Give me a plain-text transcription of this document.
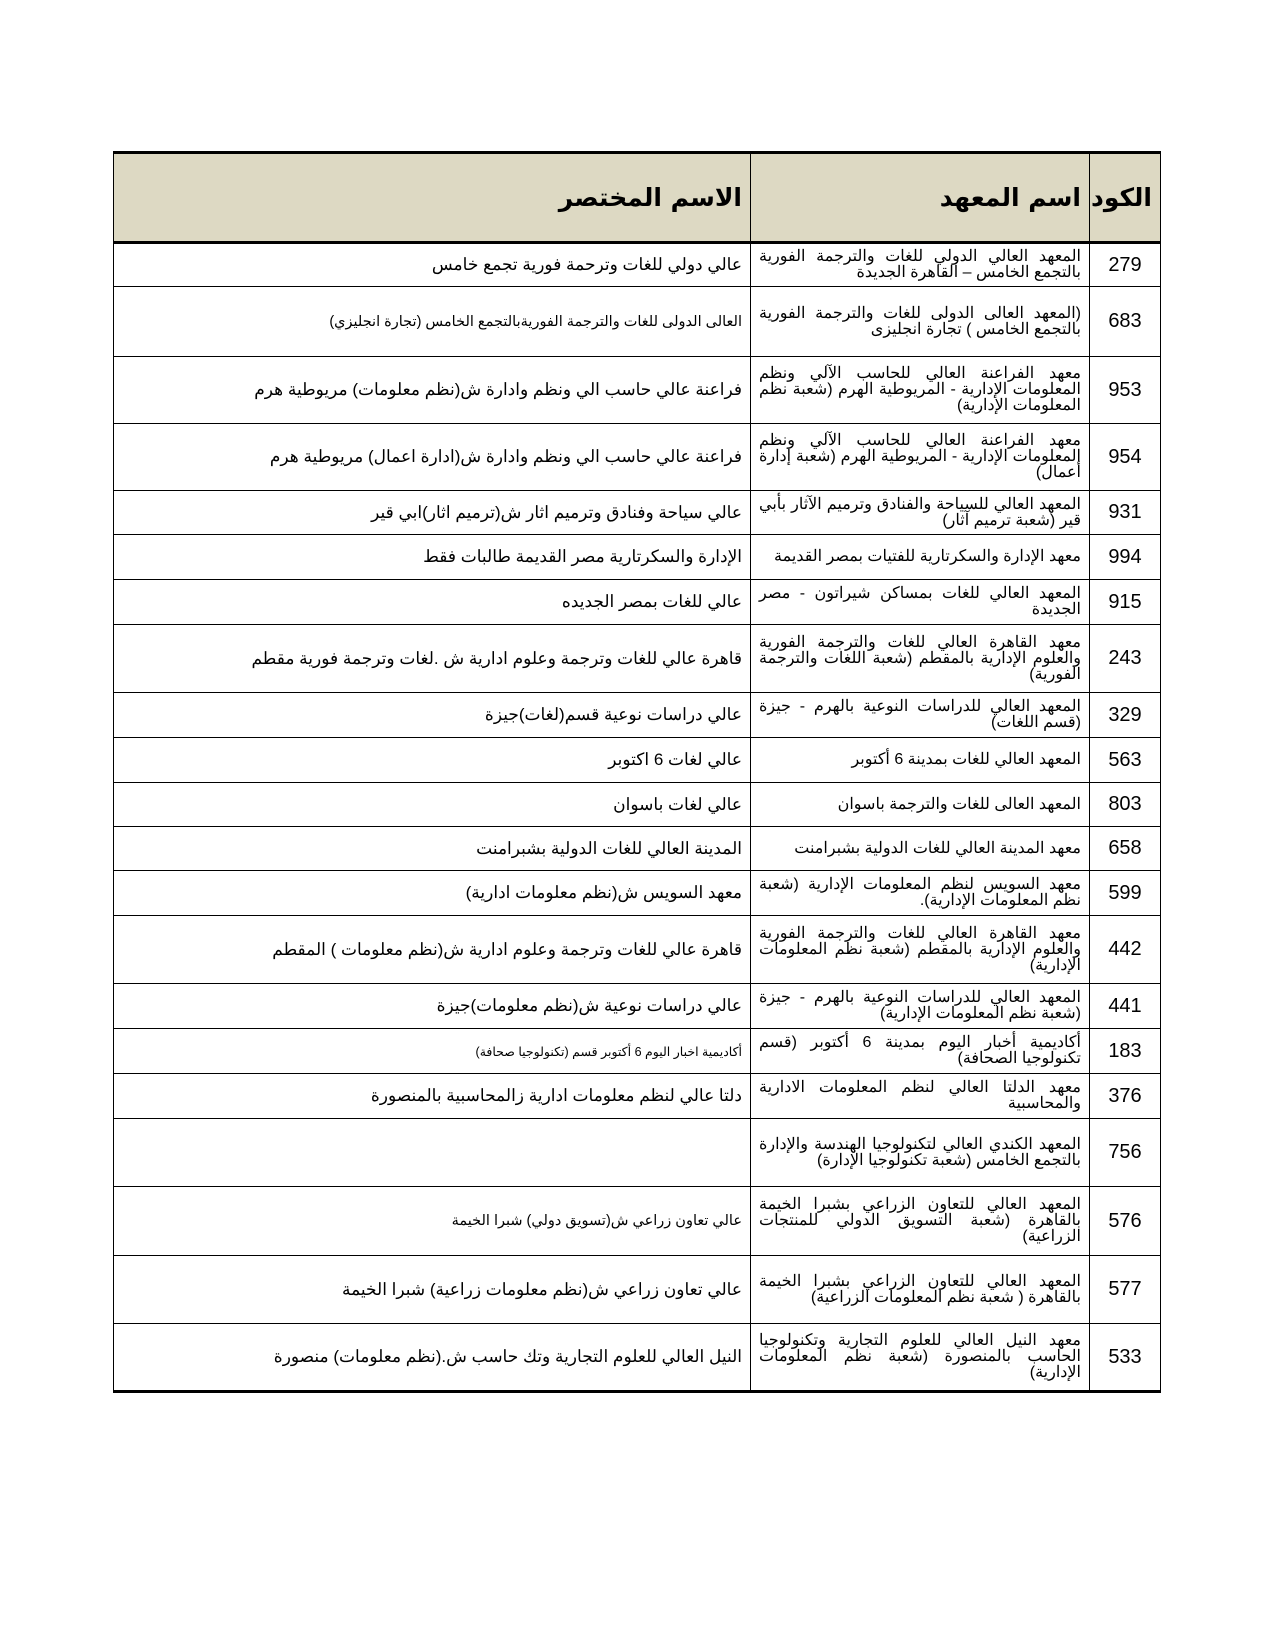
الكود	اسم المعهد	الاسم المختصر
279	المعهد العالي الدولي للغات والترجمة الفورية بالتجمع الخامس – القاهرة الجديدة	عالي دولي للغات وترحمة فورية تجمع خامس
683	(المعهد العالى الدولى للغات والترجمة الفورية بالتجمع الخامس ) تجارة انجليزى	العالى الدولى للغات والترجمة الفوريةبالتجمع الخامس (تجارة انجليزي)
953	معهد الفراعنة العالي للحاسب الآلي ونظم المعلومات الإدارية - المريوطية الهرم (شعبة نظم المعلومات الإدارية)	فراعنة عالي حاسب الي ونظم وادارة ش(نظم معلومات) مريوطية هرم
954	معهد الفراعنة العالي للحاسب الآلي ونظم المعلومات الإدارية - المريوطية الهرم (شعبة إدارة أعمال)	فراعنة عالي حاسب الي ونظم وادارة ش(ادارة اعمال) مريوطية هرم
931	المعهد العالي للسياحة والفنادق وترميم الآثار بأبي قير (شعبة ترميم آثار)	عالي سياحة وفنادق وترميم اثار ش(ترميم اثار)ابي قير
994	معهد الإدارة والسكرتارية للفتيات بمصر القديمة	الإدارة والسكرتارية مصر القديمة طالبات فقط
915	المعهد العالي للغات بمساكن شيراتون - مصر الجديدة	عالي للغات بمصر الجديده
243	معهد القاهرة العالي للغات والترجمة الفورية والعلوم الإدارية بالمقطم (شعبة اللغات والترجمة الفورية)	قاهرة عالي للغات وترجمة وعلوم ادارية ش .لغات وترجمة فورية مقطم
329	المعهد العالي للدراسات النوعية بالهرم - جيزة (قسم اللغات)	عالي دراسات نوعية قسم(لغات)جيزة
563	المعهد العالي للغات بمدينة 6 أكتوبر	عالي لغات 6 اكتوبر
803	المعهد العالى للغات والترجمة باسوان	عالي لغات باسوان
658	معهد المدينة العالي للغات الدولية بشبرامنت	المدينة العالي للغات الدولية بشبرامنت
599	معهد السويس لنظم المعلومات الإدارية (شعبة نظم المعلومات الإدارية).	معهد السويس ش(نظم معلومات ادارية)
442	معهد القاهرة العالي للغات والترجمة الفورية والعلوم الإدارية بالمقطم (شعبة نظم المعلومات الإدارية)	قاهرة عالي للغات وترجمة وعلوم ادارية ش(نظم معلومات ) المقطم
441	المعهد العالي للدراسات النوعية بالهرم - جيزة (شعبة نظم المعلومات الإدارية)	عالي دراسات نوعية ش(نظم معلومات)جيزة
183	أكاديمية أخبار اليوم بمدينة 6 أكتوبر (قسم تكنولوجيا الصحافة)	أكاديمية اخبار اليوم 6 أكتوبر قسم (تكنولوجيا صحافة)
376	معهد الدلتا العالي لنظم المعلومات الادارية والمحاسبية	دلتا عالي لنظم معلومات ادارية زالمحاسبية بالمنصورة
756	المعهد الكندي العالي لتكنولوجيا الهندسة والإدارة بالتجمع الخامس (شعبة تكنولوجيا الإدارة)	
576	المعهد العالي للتعاون الزراعي بشبرا الخيمة بالقاهرة (شعبة التسويق الدولي للمنتجات الزراعية)	عالي تعاون زراعي ش(تسويق دولي) شبرا الخيمة
577	المعهد العالي للتعاون الزراعي بشبرا الخيمة بالقاهرة ( شعبة نظم المعلومات الزراعية)	عالي تعاون زراعي ش(نظم معلومات زراعية) شبرا الخيمة
533	معهد النيل العالي للعلوم التجارية وتكنولوجيا الحاسب بالمنصورة (شعبة نظم المعلومات الإدارية)	النيل العالي للعلوم التجارية وتك حاسب ش.(نظم معلومات) منصورة
